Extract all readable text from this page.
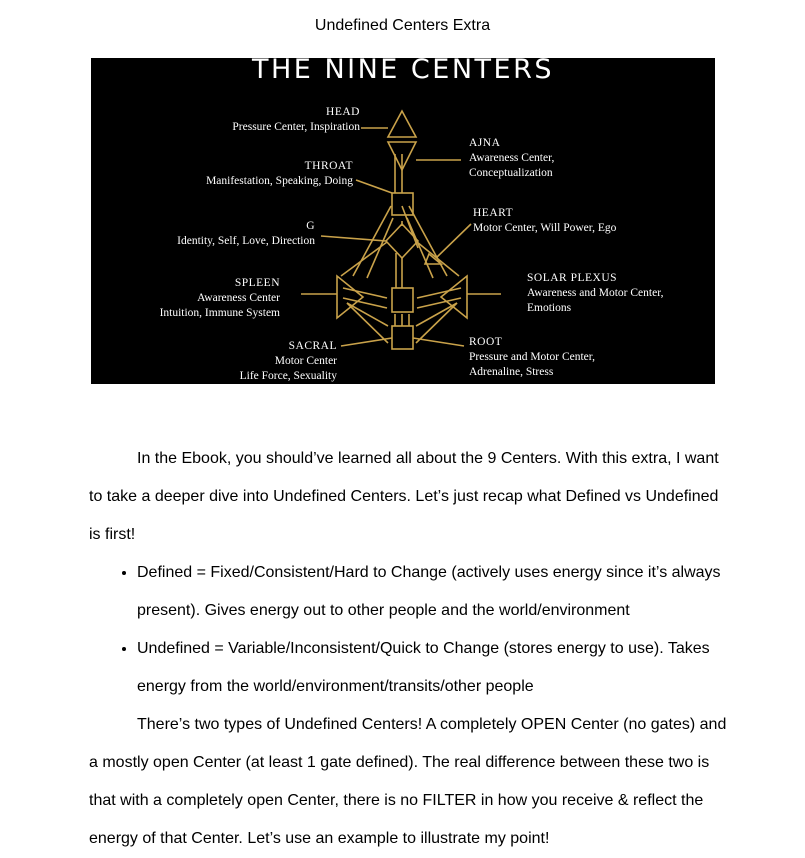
Undefined Centers Extra
THE NINE CENTERS
HEAD
Pressure Center, Inspiration
AJNA
Awareness Center,
Conceptualization
THROAT
Manifestation, Speaking, Doing
HEART
Motor Center, Will Power, Ego
G
Identity, Self, Love, Direction
SPLEEN
Awareness Center
Intuition, Immune System
SOLAR PLEXUS
Awareness and Motor Center,
Emotions
SACRAL
Motor Center
Life Force, Sexuality
ROOT
Pressure and Motor Center,
Adrenaline, Stress

In the Ebook, you should’ve learned all about the 9 Centers. With this extra, I want to take a deeper dive into Undefined Centers. Let’s just recap what Defined vs Undefined is first!

• Defined = Fixed/Consistent/Hard to Change (actively uses energy since it’s always present). Gives energy out to other people and the world/environment
• Undefined = Variable/Inconsistent/Quick to Change (stores energy to use). Takes energy from the world/environment/transits/other people

There’s two types of Undefined Centers! A completely OPEN Center (no gates) and a mostly open Center (at least 1 gate defined). The real difference between these two is that with a completely open Center, there is no FILTER in how you receive & reflect the energy of that Center. Let’s use an example to illustrate my point!
